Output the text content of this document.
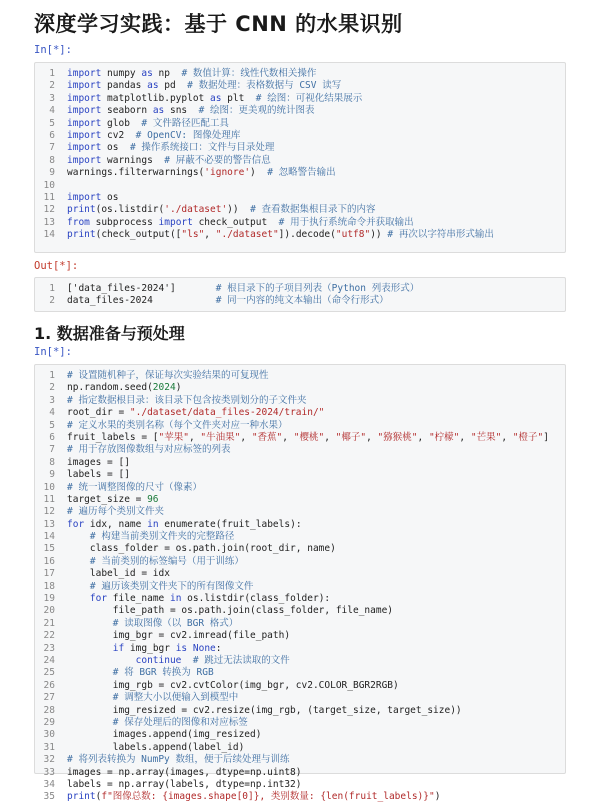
深度学习实践：基于 CNN 的水果识别
In[*]:
1	import numpy as np  # 数值计算：线性代数相关操作
2	import pandas as pd  # 数据处理：表格数据与 CSV 读写
3	import matplotlib.pyplot as plt  # 绘图：可视化结果展示
4	import seaborn as sns  # 绘图：更美观的统计图表
5	import glob  # 文件路径匹配工具
6	import cv2  # OpenCV: 图像处理库
7	import os  # 操作系统接口：文件与目录处理
8	import warnings  # 屏蔽不必要的警告信息
9	warnings.filterwarnings('ignore')  # 忽略警告输出
10
11	import os
12	print(os.listdir('./dataset'))  # 查看数据集根目录下的内容
13	from subprocess import check_output  # 用于执行系统命令并获取输出
14	print(check_output(["ls", "./dataset"]).decode("utf8")) # 再次以字符串形式输出
Out[*]:
1	['data_files-2024']       # 根目录下的子项目列表（Python 列表形式）
2	data_files-2024           # 同一内容的纯文本输出（命令行形式）
1. 数据准备与预处理
In[*]:
1	# 设置随机种子，保证每次实验结果的可复现性
2	np.random.seed(2024)
3	# 指定数据根目录：该目录下包含按类别划分的子文件夹
4	root_dir = "./dataset/data_files-2024/train/"
5	# 定义水果的类别名称（每个文件夹对应一种水果）
6	fruit_labels = ["苹果", "牛油果", "香蕉", "樱桃", "椰子", "猕猴桃", "柠檬", "芒果", "橙子"]
7	# 用于存放图像数组与对应标签的列表
8	images = []
9	labels = []
10	# 统一调整图像的尺寸（像素）
11	target_size = 96
12	# 遍历每个类别文件夹
13	for idx, name in enumerate(fruit_labels):
14	# 构建当前类别文件夹的完整路径
15	class_folder = os.path.join(root_dir, name)
16	# 当前类别的标签编号（用于训练）
17	label_id = idx
18	# 遍历该类别文件夹下的所有图像文件
19	for file_name in os.listdir(class_folder):
20	file_path = os.path.join(class_folder, file_name)
21	# 读取图像（以 BGR 格式）
22	img_bgr = cv2.imread(file_path)
23	if img_bgr is None:
24	continue # 跳过无法读取的文件
25	# 将 BGR 转换为 RGB
26	img_rgb = cv2.cvtColor(img_bgr, cv2.COLOR_BGR2RGB)
27	# 调整大小以便输入到模型中
28	img_resized = cv2.resize(img_rgb, (target_size, target_size))
29	# 保存处理后的图像和对应标签
30	images.append(img_resized)
31	labels.append(label_id)
32	# 将列表转换为 NumPy 数组，便于后续处理与训练
33	images = np.array(images, dtype=np.uint8)
34	labels = np.array(labels, dtype=np.int32)
35	print(f"图像总数: {images.shape[0]}, 类别数量: {len(fruit_labels)}")
